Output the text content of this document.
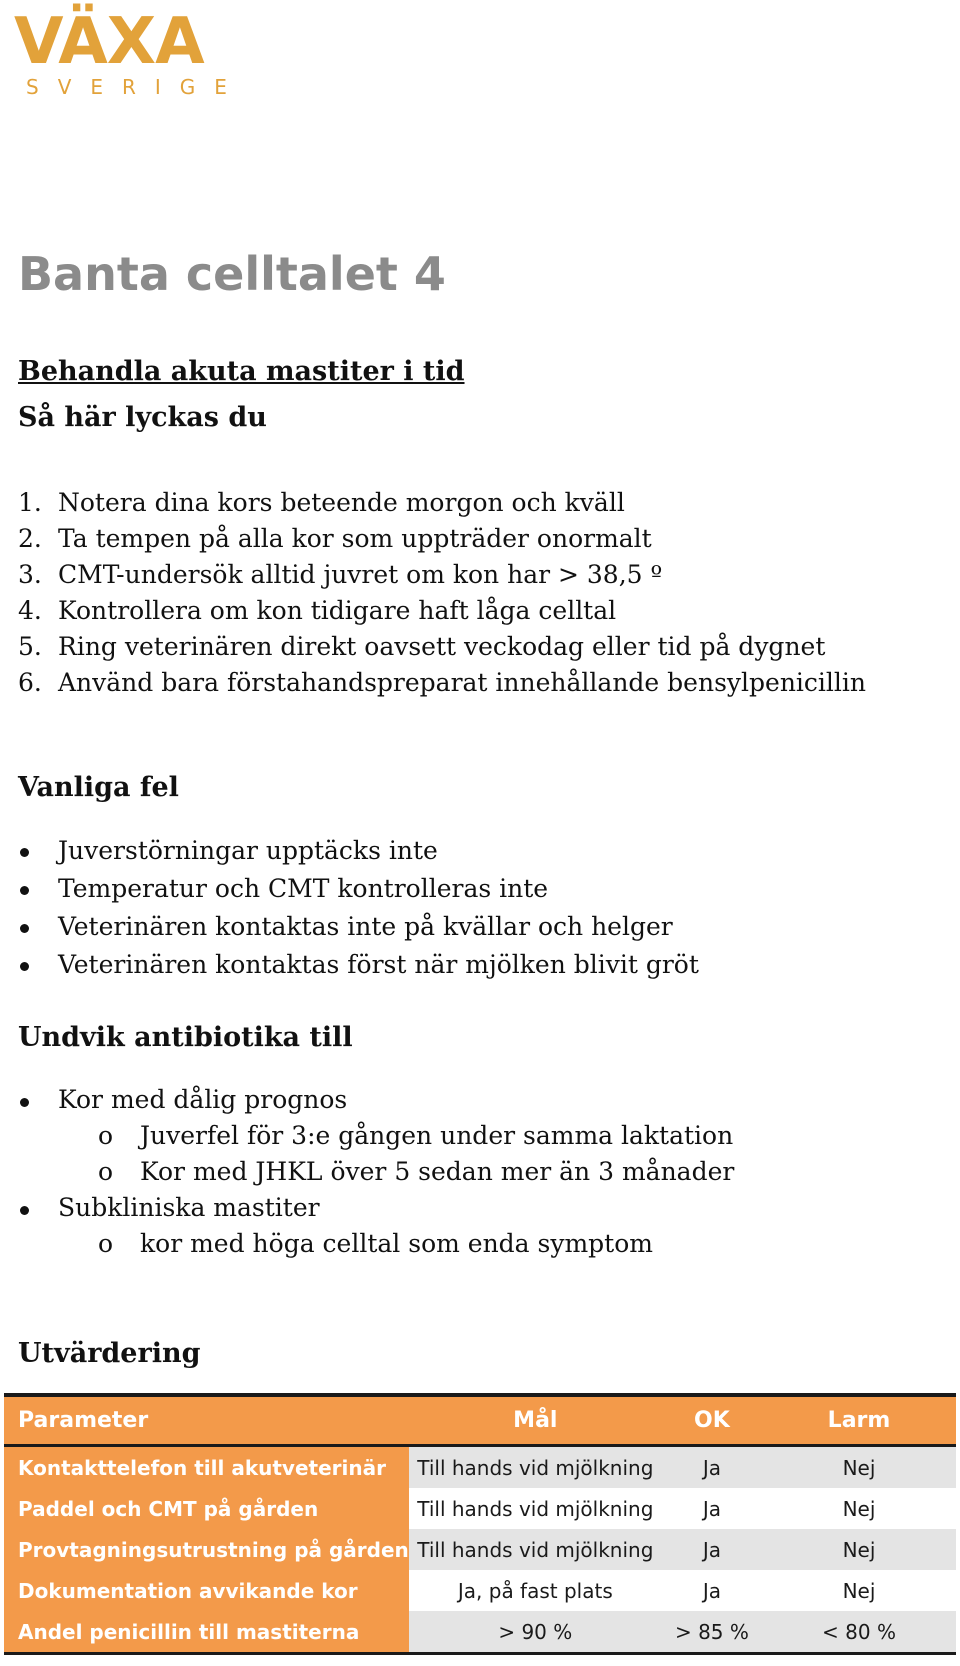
VÄXA
SVERIGE
Banta celltalet 4
Behandla akuta mastiter i tid
Så här lyckas du
1. Notera dina kors beteende morgon och kväll
2. Ta tempen på alla kor som uppträder onormalt
3. CMT-undersök alltid juvret om kon har > 38,5 º
4. Kontrollera om kon tidigare haft låga celltal
5. Ring veterinären direkt oavsett veckodag eller tid på dygnet
6. Använd bara förstahandspreparat innehållande bensylpenicillin
Vanliga fel
Juverstörningar upptäcks inte
Temperatur och CMT kontrolleras inte
Veterinären kontaktas inte på kvällar och helger
Veterinären kontaktas först när mjölken blivit gröt
Undvik antibiotika till
Kor med dålig prognos
o Juverfel för 3:e gången under samma laktation
o Kor med JHKL över 5 sedan mer än 3 månader
Subkliniska mastiter
o kor med höga celltal som enda symptom
Utvärdering
Parameter	Mål	OK	Larm
Kontakttelefon till akutveterinär	Till hands vid mjölkning	Ja	Nej
Paddel och CMT på gården	Till hands vid mjölkning	Ja	Nej
Provtagningsutrustning på gården	Till hands vid mjölkning	Ja	Nej
Dokumentation avvikande kor	Ja, på fast plats	Ja	Nej
Andel penicillin till mastiterna	> 90 %	> 85 %	< 80 %
